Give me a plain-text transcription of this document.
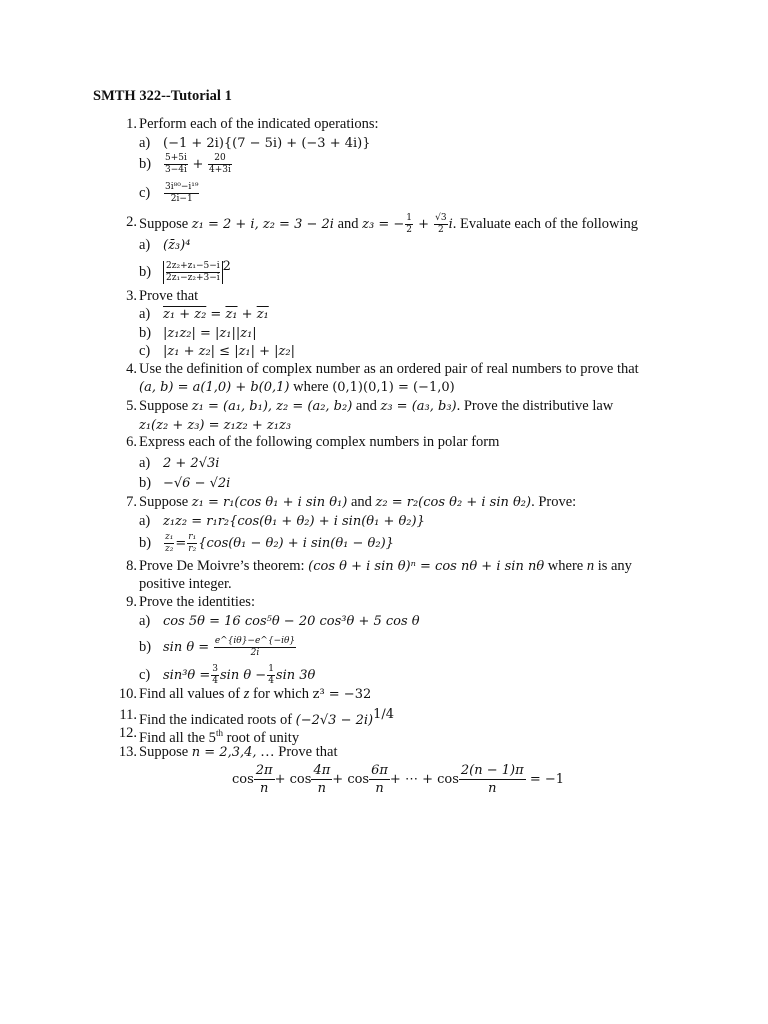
SMTH 322--Tutorial 1
1. Perform each of the indicated operations:
a) (−1 + 2i){(7 − 5i) + (−3 + 4i)}
$b) \frac{5+5i}{3-4i} + \frac{20}{4+3i}$
$c) \frac{\text{3i⁸⁰−i¹⁹}}{2i-1}$
2. Suppose z₁ = 2 + i, z₂ = 3 − 2i and z₃ = − $\frac{1}{2} + \frac{√3}{2} i$. Evaluate each of the following
a) (z̄₃)⁴
$b) \frac{\text{2z₂+z₁−5−i}}{\text{2z₁−z₂+3−i}} ^2$
3. Prove that
a) z₁ + z₂ = z₁ + z₁
b) |z₁z₂| = |z₁||z₁|
c) |z₁ + z₂| ≤ |z₁| + |z₂|
4. Use the definition of complex number as an ordered pair of real numbers to prove that
(a, b) = a(1,0) + b(0,1) where (0,1)(0,1) = (−1,0)
5. Suppose z₁ = (a₁, b₁), z₂ = (a₂, b₂) and z₃ = (a₃, b₃). Prove the distributive law
z₁(z₂ + z₃) = z₁z₂ + z₁z₃
6. Express each of the following complex numbers in polar form
a) 2 + 2√3i
b) −√6 − √2i
7. Suppose z₁ = r₁(cos θ₁ + i sin θ₁) and z₂ = r₂(cos θ₂ + i sin θ₂). Prove:
a) z₁z₂ = r₁r₂{cos(θ₁ + θ₂) + i sin(θ₁ + θ₂)}
$b) \frac{\text{z₁}}{\text{z₂}} = \frac{\text{r₁}}{\text{r₂}} \{\cos(\theta_1 - \theta_2) + i$ sin(θ₁ − θ₂)}
8. Prove De Moivre’s theorem: (cos θ + i sin θ)ⁿ = cos nθ + i sin nθ where n is any
positive integer.
9. Prove the identities:
a) cos 5θ = 16 cos⁵θ − 20 cos³θ + 5 cos θ
b) $\sin \theta = \frac{e\^{}\{i\theta\}-e\^{}\{-i\theta\}}{2i}$
c) $\sin^3\theta = \frac{3}{4}$ $\sin \theta - \frac{1}{4}$ sin 3θ
10. Find all values of z for which z³ = −32
11. Find the indicated roots of $(-2√3 - 2i)^{1/4}$
12. Find all the 5th root of unity
13. Suppose n = 2,3,4, … Prove that
$\cos \frac{2\pi}{n} + \cos \frac{4\pi}{n} + \cos \frac{6\pi}{n}$ + ⋯ + $\cos \frac{2(n - 1)\pi}{n} = -1$
